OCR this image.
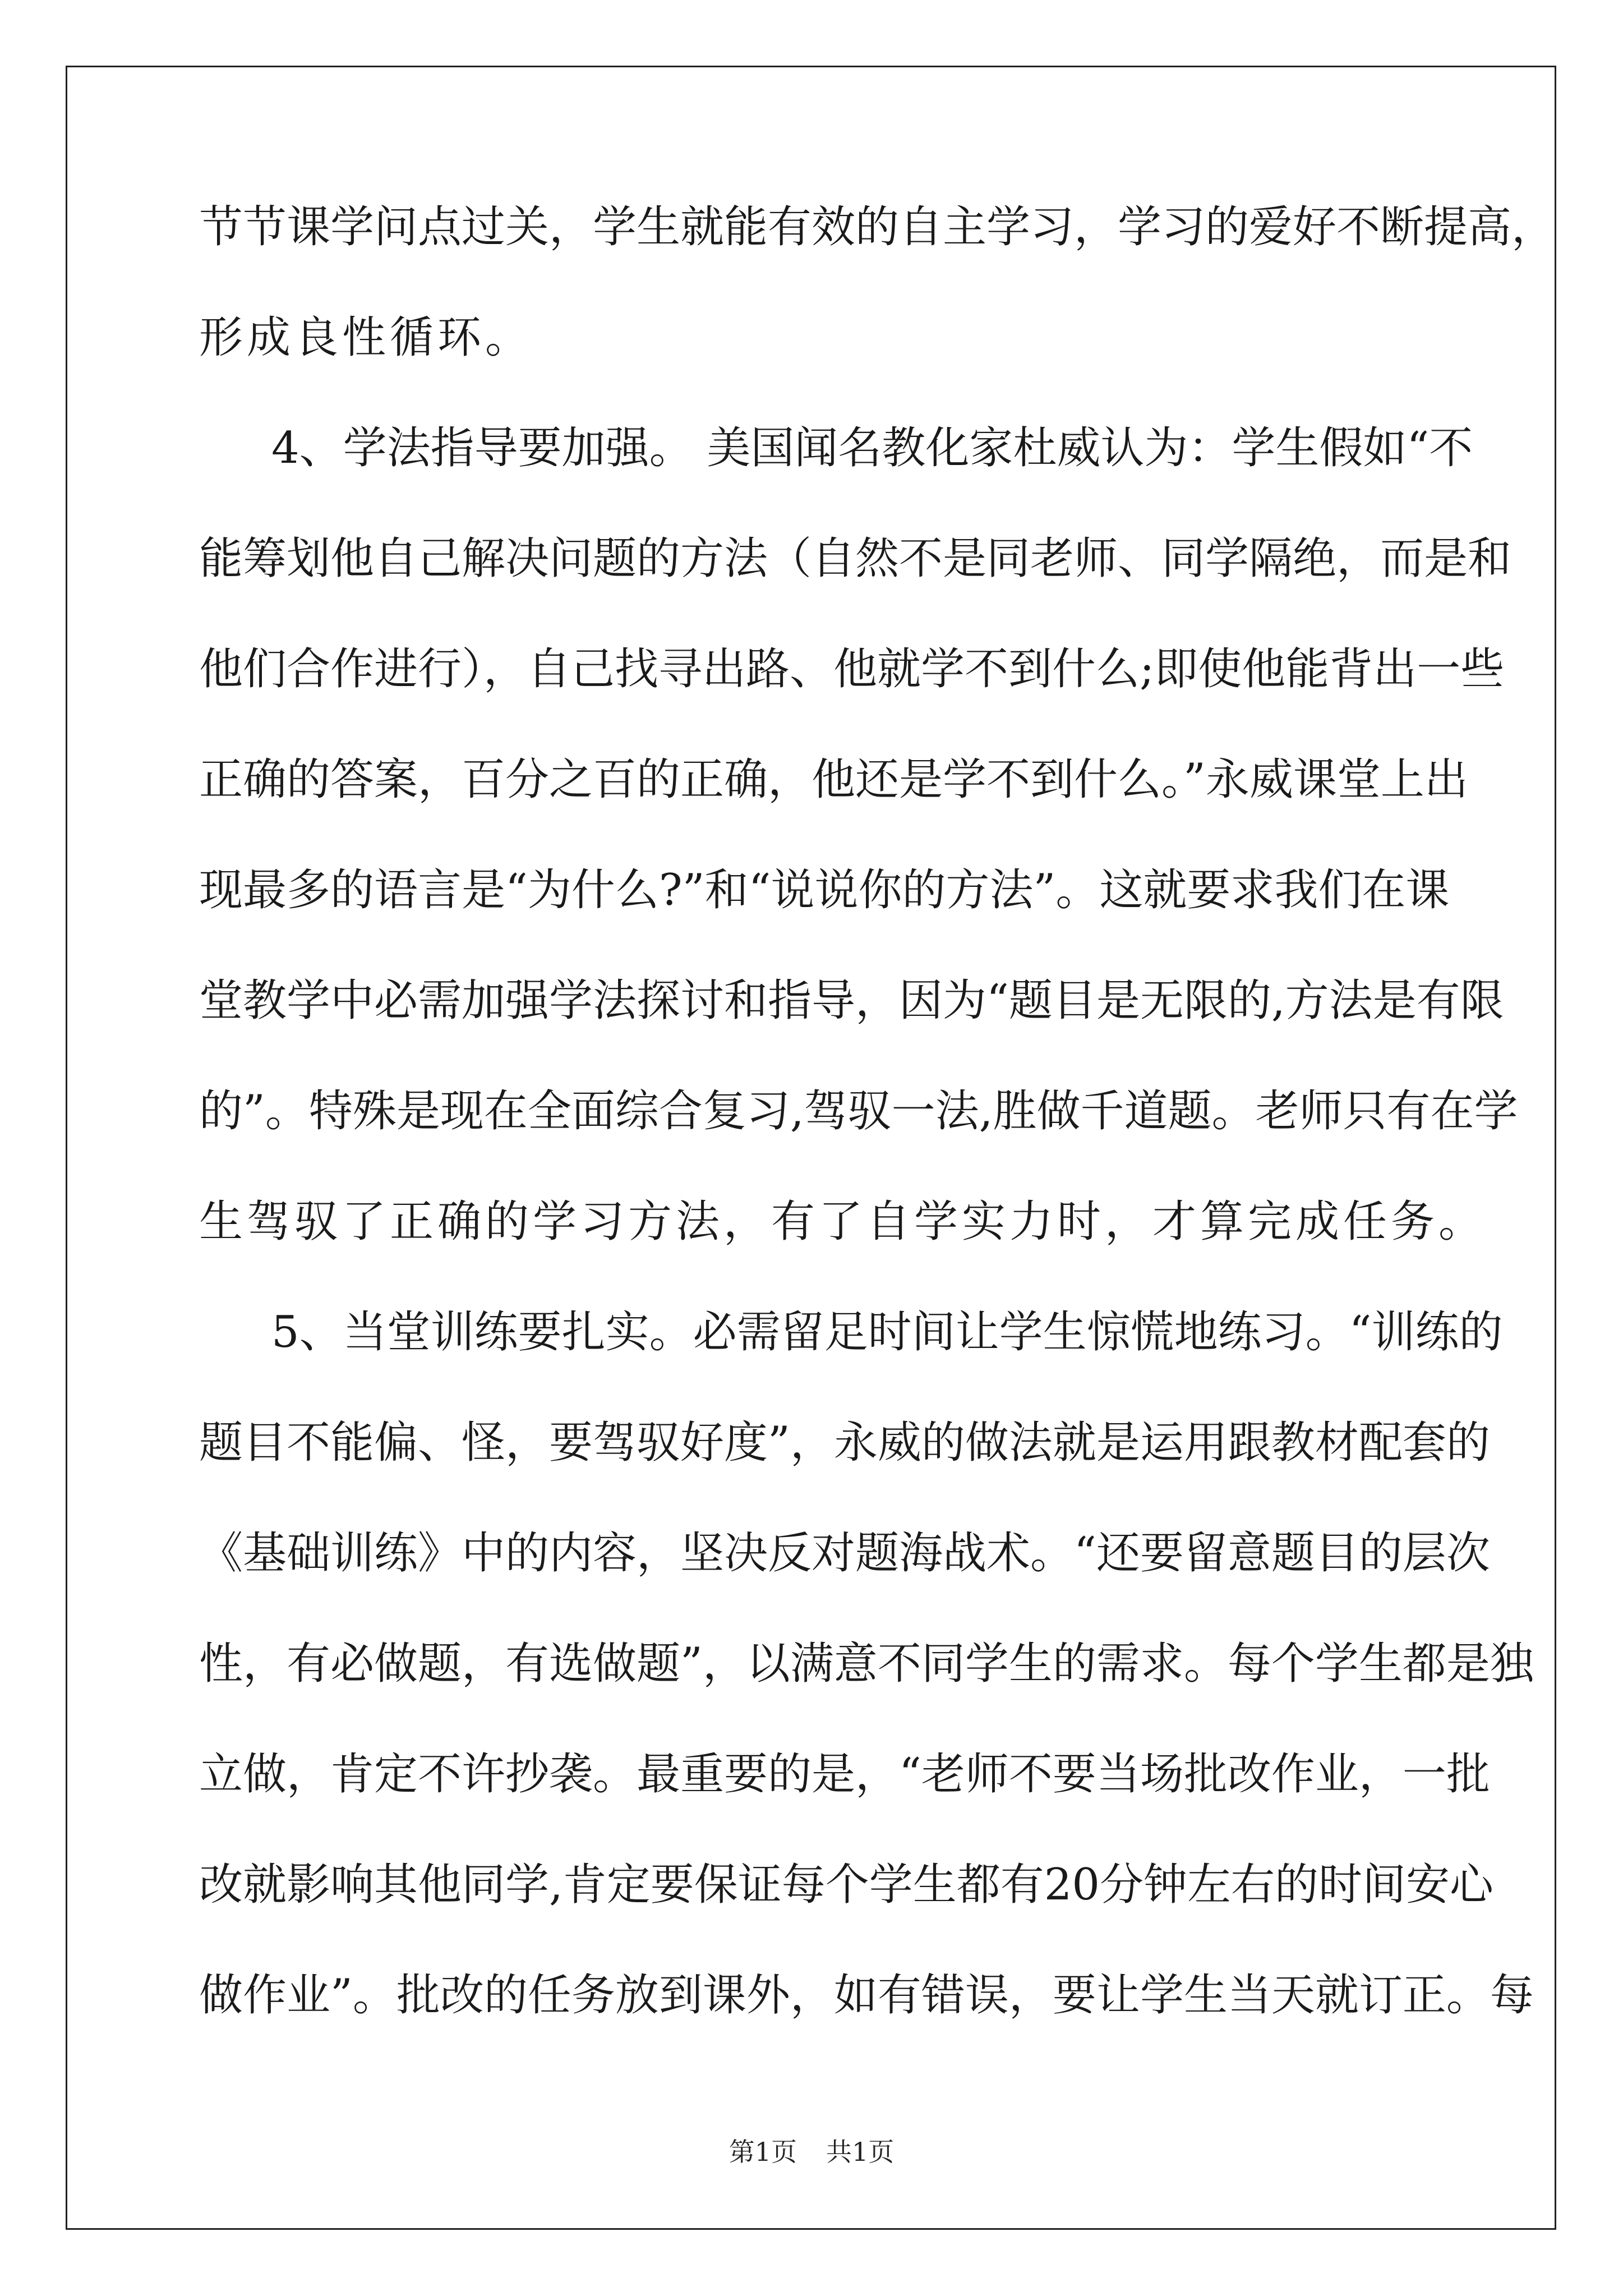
节节课学问点过关，学生就能有效的自主学习，学习的爱好不断提高，
形成良性循环。
4、学法指导要加强。 美国闻名教化家杜威认为：学生假如“不
能筹划他自己解决问题的方法（自然不是同老师、同学隔绝，而是和
他们合作进行），自己找寻出路、他就学不到什么;即使他能背出一些
正确的答案，百分之百的正确，他还是学不到什么。”永威课堂上出
现最多的语言是“为什么?”和“说说你的方法”。这就要求我们在课
堂教学中必需加强学法探讨和指导，因为“题目是无限的,方法是有限
的”。特殊是现在全面综合复习,驾驭一法,胜做千道题。老师只有在学
生驾驭了正确的学习方法，有了自学实力时，才算完成任务。
5、当堂训练要扎实。必需留足时间让学生惊慌地练习。“训练的
题目不能偏、怪，要驾驭好度”，永威的做法就是运用跟教材配套的
《基础训练》中的内容，坚决反对题海战术。“还要留意题目的层次
性，有必做题，有选做题”，以满意不同学生的需求。每个学生都是独
立做，肯定不许抄袭。最重要的是，“老师不要当场批改作业，一批
改就影响其他同学,肯定要保证每个学生都有20分钟左右的时间安心
做作业”。批改的任务放到课外，如有错误，要让学生当天就订正。每
第1页 共1页
